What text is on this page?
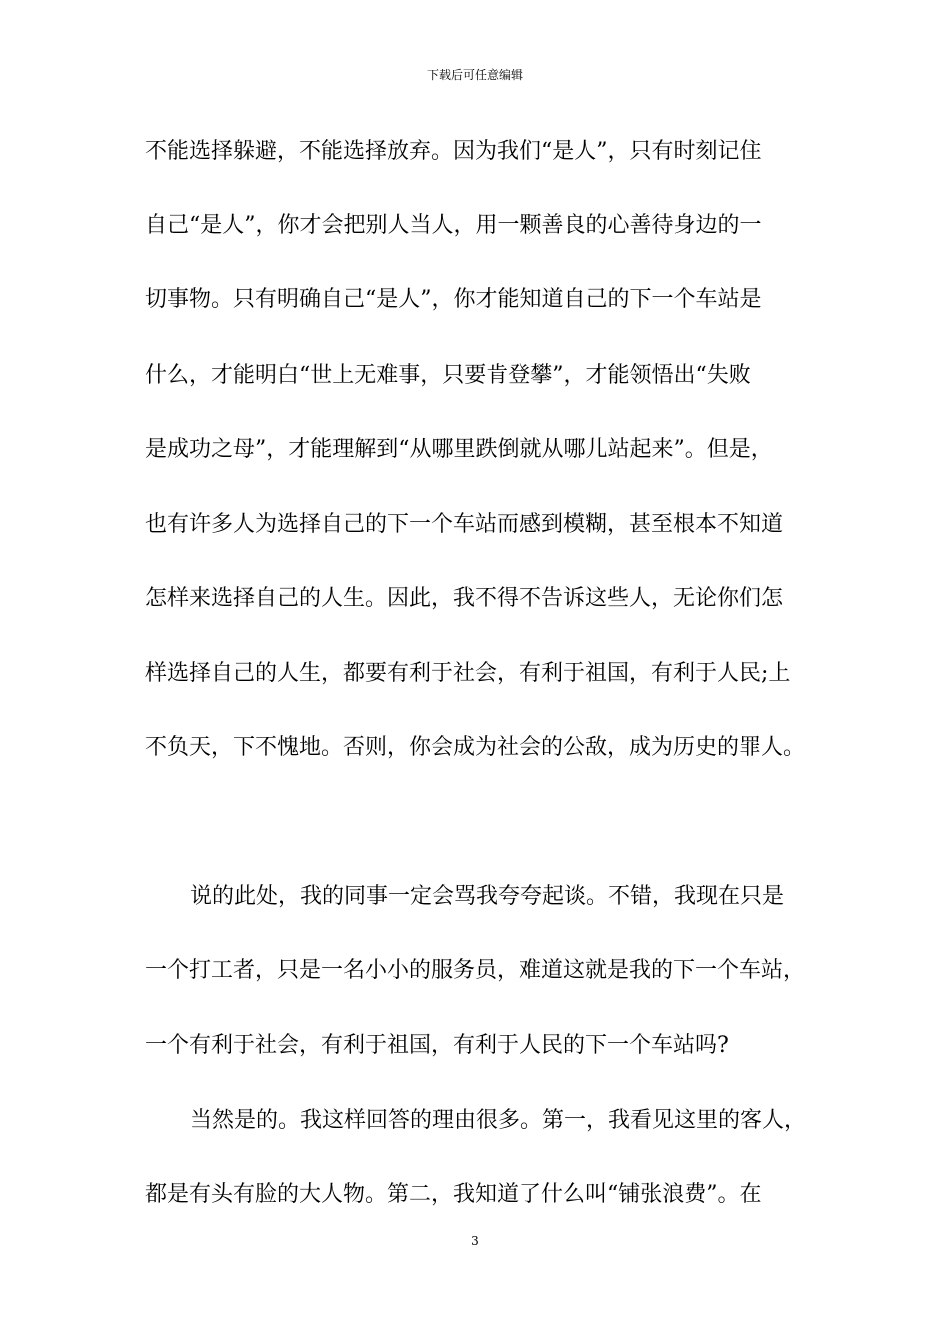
下载后可任意编辑
不能选择躲避，不能选择放弃。因为我们“是人”，只有时刻记住
自己“是人”，你才会把别人当人，用一颗善良的心善待身边的一
切事物。只有明确自己“是人”，你才能知道自己的下一个车站是
什么，才能明白“世上无难事，只要肯登攀”，才能领悟出“失败
是成功之母”，才能理解到“从哪里跌倒就从哪儿站起来”。但是，
也有许多人为选择自己的下一个车站而感到模糊，甚至根本不知道
怎样来选择自己的人生。因此，我不得不告诉这些人，无论你们怎
样选择自己的人生，都要有利于社会，有利于祖国，有利于人民;上
不负天，下不愧地。否则，你会成为社会的公敌，成为历史的罪人。
说的此处，我的同事一定会骂我夸夸起谈。不错，我现在只是
一个打工者，只是一名小小的服务员，难道这就是我的下一个车站，
一个有利于社会，有利于祖国，有利于人民的下一个车站吗?
当然是的。我这样回答的理由很多。第一，我看见这里的客人，
都是有头有脸的大人物。第二，我知道了什么叫“铺张浪费”。在
3
